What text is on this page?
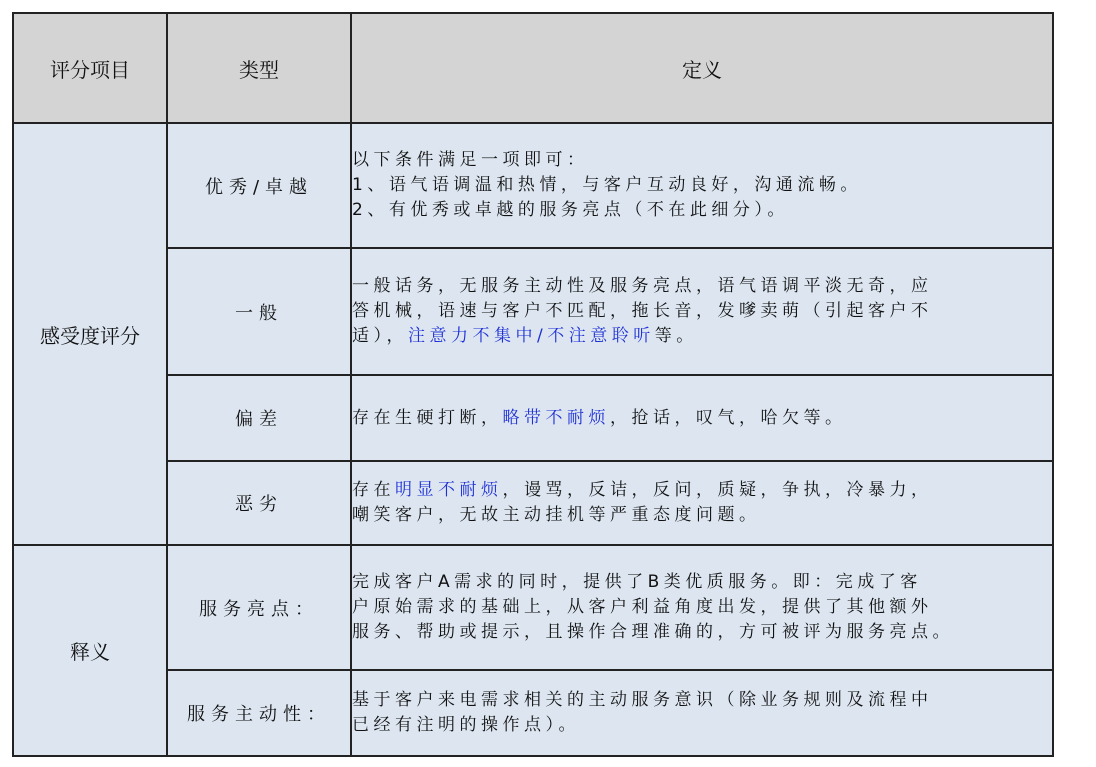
评分项目	类型	定义
感受度评分	优秀/卓越	以下条件满足一项即可：
1、语气语调温和热情，与客户互动良好，沟通流畅。
2、有优秀或卓越的服务亮点（不在此细分）。

	一般	一般话务，无服务主动性及服务亮点，语气语调平淡无奇，应
答机械，语速与客户不匹配，拖长音，发嗲卖萌（引起客户不
适），注意力不集中/不注意聆听等。

	偏差	存在生硬打断，略带不耐烦，抢话，叹气，哈欠等。

	恶劣	存在明显不耐烦，谩骂，反诘，反问，质疑，争执，冷暴力，
嘲笑客户，无故主动挂机等严重态度问题。

释义	服务亮点：	完成客户A需求的同时，提供了B类优质服务。即：完成了客
户原始需求的基础上，从客户利益角度出发，提供了其他额外
服务、帮助或提示，且操作合理准确的，方可被评为服务亮点。

	服务主动性：	基于客户来电需求相关的主动服务意识（除业务规则及流程中
已经有注明的操作点）。
